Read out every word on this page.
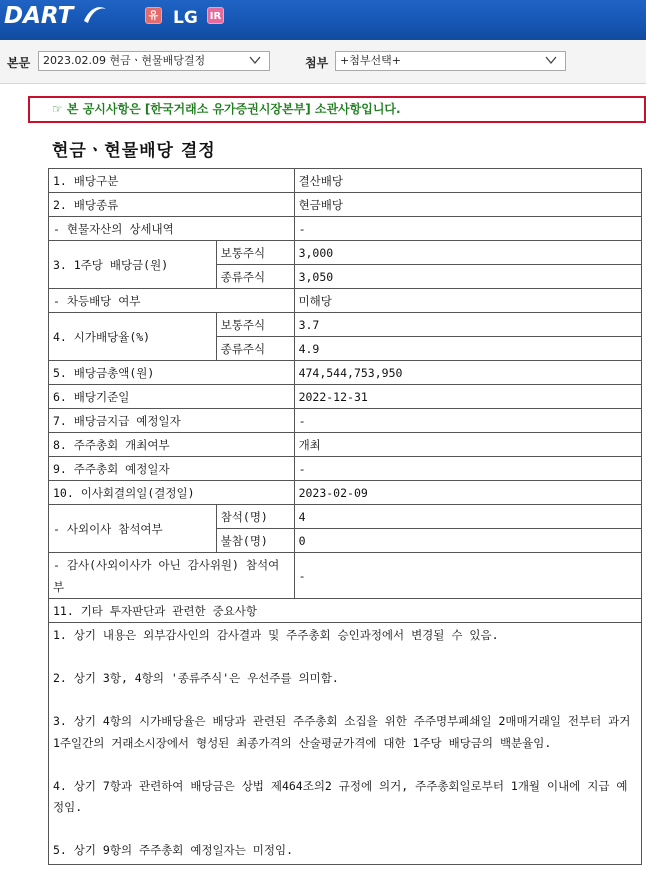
DART	유 LG IR
본문	2023.02.09 현금ㆍ현물배당결정	첨부	+첨부선택+
☞ 본 공시사항은 [한국거래소 유가증권시장본부] 소관사항입니다.
현금ㆍ현물배당 결정
1. 배당구분		결산배당
2. 배당종류		현금배당
- 현물자산의 상세내역		-
3. 1주당 배당금(원)	보통주식	3,000
	종류주식	3,050
- 차등배당 여부		미해당
4. 시가배당율(%)	보통주식	3.7
	종류주식	4.9
5. 배당금총액(원)		474,544,753,950
6. 배당기준일		2022-12-31
7. 배당금지급 예정일자		-
8. 주주총회 개최여부		개최
9. 주주총회 예정일자		-
10. 이사회결의일(결정일)		2023-02-09
- 사외이사 참석여부	참석(명)	4
	불참(명)	0
- 감사(사외이사가 아닌 감사위원) 참석여부		-
11. 기타 투자판단과 관련한 중요사항		

1. 상기 내용은 외부감사인의 감사결과 및 주주총회 승인과정에서 변경될 수 있음.

2. 상기 3항, 4항의 '종류주식'은 우선주를 의미함.

3. 상기 4항의 시가배당율은 배당과 관련된 주주총회 소집을 위한 주주명부폐쇄일 2매매거래일 전부터 과거 1주일간의 거래소시장에서 형성된 최종가격의 산술평균가격에 대한 1주당 배당금의 백분율임.

4. 상기 7항과 관련하여 배당금은 상법 제464조의2 규정에 의거, 주주총회일로부터 1개월 이내에 지급 예정임.

5. 상기 9항의 주주총회 예정일자는 미정임.		
